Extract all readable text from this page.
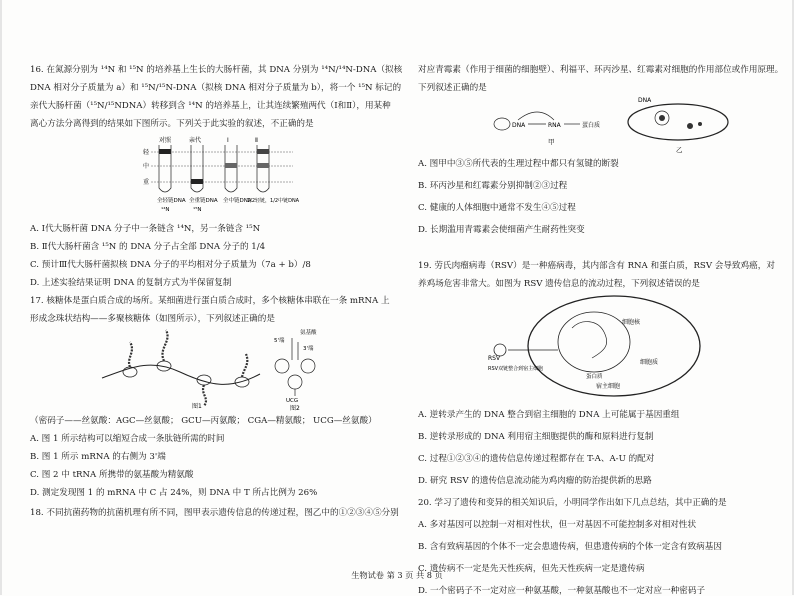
16. 在氮源分别为 ¹⁴N 和 ¹⁵N 的培养基上生长的大肠杆菌，其 DNA 分别为 ¹⁴N/¹⁴N-DNA（拟核
DNA 相对分子质量为 a）和 ¹⁵N/¹⁵N-DNA（拟核 DNA 相对分子质量为 b），将一个 ¹⁵N 标记的
亲代大肠杆菌（¹⁵N/¹⁵NDNA）转移到含 ¹⁴N 的培养基上，让其连续繁殖两代（Ⅰ和Ⅱ），用某种
离心方法分离得到的结果如下图所示。下列关于此实验的叙述，不正确的是
对照	亲代	Ⅰ	Ⅱ
轻
中
重
全轻链DNA 全重链DNA 全中链DNA
1/2轻链，1/2中链DNA
¹⁴N	¹⁵N
A. Ⅰ代大肠杆菌 DNA 分子中一条链含 ¹⁴N，另一条链含 ¹⁵N
B. Ⅱ代大肠杆菌含 ¹⁵N 的 DNA 分子占全部 DNA 分子的 1/4
C. 预计Ⅲ代大肠杆菌拟核 DNA 分子的平均相对分子质量为（7a + b）/8
D. 上述实验结果证明 DNA 的复制方式为半保留复制
17. 核糖体是蛋白质合成的场所。某细菌进行蛋白质合成时，多个核糖体串联在一条 mRNA 上
形成念珠状结构——多聚核糖体（如图所示），下列叙述正确的是
图1
氨基酸
5'端
3'端
UCG
图2
（密码子——丝氨酸：AGC—丝氨酸； GCU—丙氨酸； CGA—精氨酸； UCG—丝氨酸）
A. 图 1 所示结构可以缩短合成一条肽链所需的时间
B. 图 1 所示 mRNA 的右侧为 3'端
C. 图 2 中 tRNA 所携带的氨基酸为精氨酸
D. 测定发现图 1 的 mRNA 中 C 占 24%，则 DNA 中 T 所占比例为 26%
18. 不同抗菌药物的抗菌机理有所不同，图甲表示遗传信息的传递过程，图乙中的①②③④⑤分别
对应青霉素（作用于细菌的细胞壁）、利福平、环丙沙星、红霉素对细胞的作用部位或作用原理。
下列叙述正确的是
DNA	RNA	蛋白质
甲
DNA
乙
A. 图甲中③⑤所代表的生理过程中都只有氢键的断裂
B. 环丙沙星和红霉素分别抑制②③过程
C. 健康的人体细胞中通常不发生④⑤过程
D. 长期滥用青霉素会使细菌产生耐药性突变
19. 劳氏肉瘤病毒（RSV）是一种癌病毒，其内部含有 RNA 和蛋白质，RSV 会导致鸡癌，对
养鸡场危害非常大。如图为 RSV 遗传信息的流动过程，下列叙述错误的是
RSV
RSV双链整合到宿主细胞
细胞核
细胞质
宿主细胞
蛋白质
A. 逆转录产生的 DNA 整合到宿主细胞的 DNA 上可能属于基因重组
B. 逆转录形成的 DNA 利用宿主细胞提供的酶和原料进行复制
C. 过程①②③④的遗传信息传递过程都存在 T-A、A-U 的配对
D. 研究 RSV 的遗传信息流动能为鸡肉瘤的防治提供新的思路
20. 学习了遗传和变异的相关知识后，小明同学作出如下几点总结，其中正确的是
A. 多对基因可以控制一对相对性状，但一对基因不可能控制多对相对性状
B. 含有致病基因的个体不一定会患遗传病，但患遗传病的个体一定含有致病基因
C. 遗传病不一定是先天性疾病，但先天性疾病一定是遗传病
D. 一个密码子不一定对应一种氨基酸，一种氨基酸也不一定对应一种密码子
生物试卷 第 3 页 共 8 页
